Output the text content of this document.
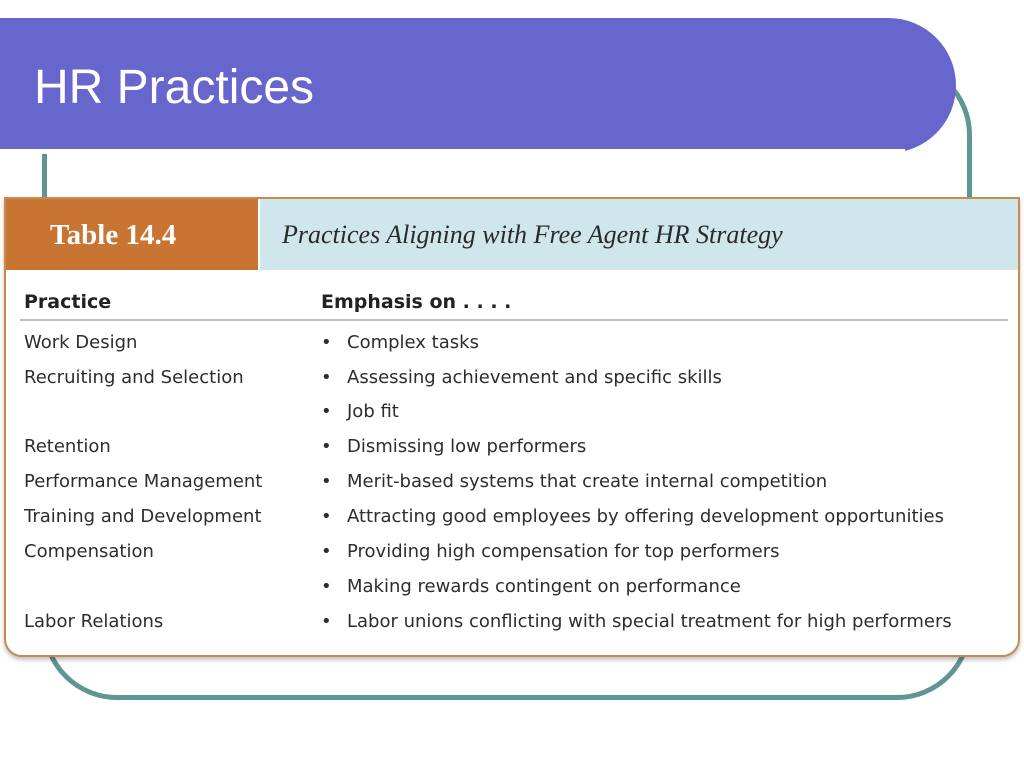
HR Practices
Table 14.4	Practices Aligning with Free Agent HR Strategy
Practice	Emphasis on . . . .
Work Design	• Complex tasks
Recruiting and Selection	• Assessing achievement and specific skills
• Job fit
Retention	• Dismissing low performers
Performance Management	• Merit-based systems that create internal competition
Training and Development	• Attracting good employees by offering development opportunities
Compensation	• Providing high compensation for top performers
• Making rewards contingent on performance
Labor Relations	• Labor unions conflicting with special treatment for high performers
